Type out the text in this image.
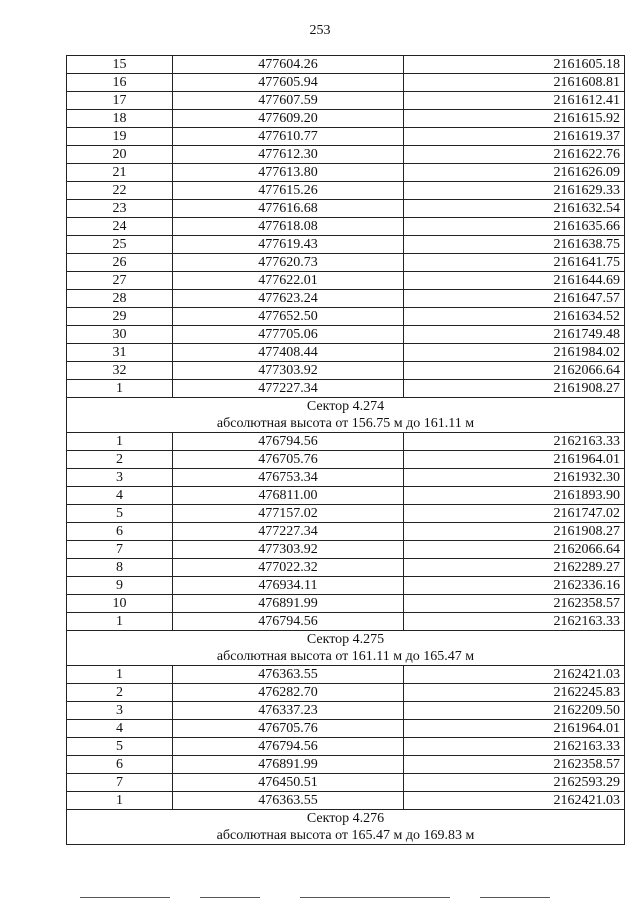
253
15	477604.26	2161605.18
16	477605.94	2161608.81
17	477607.59	2161612.41
18	477609.20	2161615.92
19	477610.77	2161619.37
20	477612.30	2161622.76
21	477613.80	2161626.09
22	477615.26	2161629.33
23	477616.68	2161632.54
24	477618.08	2161635.66
25	477619.43	2161638.75
26	477620.73	2161641.75
27	477622.01	2161644.69
28	477623.24	2161647.57
29	477652.50	2161634.52
30	477705.06	2161749.48
31	477408.44	2161984.02
32	477303.92	2162066.64
1	477227.34	2161908.27

Сектор 4.274
абсолютная высота от 156.75 м до 161.11 м		

1	476794.56	2162163.33
2	476705.76	2161964.01
3	476753.34	2161932.30
4	476811.00	2161893.90
5	477157.02	2161747.02
6	477227.34	2161908.27
7	477303.92	2162066.64
8	477022.32	2162289.27
9	476934.11	2162336.16
10	476891.99	2162358.57
1	476794.56	2162163.33

Сектор 4.275
абсолютная высота от 161.11 м до 165.47 м		

1	476363.55	2162421.03
2	476282.70	2162245.83
3	476337.23	2162209.50
4	476705.76	2161964.01
5	476794.56	2162163.33
6	476891.99	2162358.57
7	476450.51	2162593.29
1	476363.55	2162421.03

Сектор 4.276
абсолютная высота от 165.47 м до 169.83 м		
